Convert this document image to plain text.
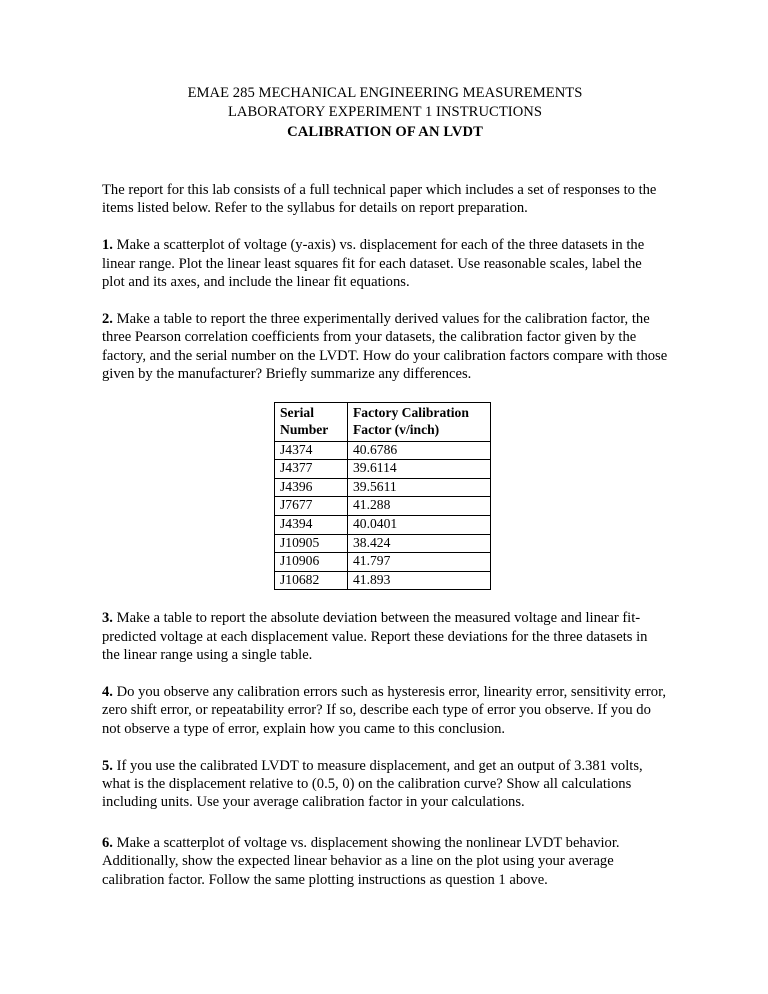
EMAE 285 MECHANICAL ENGINEERING MEASUREMENTS
LABORATORY EXPERIMENT 1 INSTRUCTIONS
CALIBRATION OF AN LVDT

The report for this lab consists of a full technical paper which includes a set of responses to the items listed below. Refer to the syllabus for details on report preparation.

1. Make a scatterplot of voltage (y-axis) vs. displacement for each of the three datasets in the linear range. Plot the linear least squares fit for each dataset. Use reasonable scales, label the plot and its axes, and include the linear fit equations.

2. Make a table to report the three experimentally derived values for the calibration factor, the three Pearson correlation coefficients from your datasets, the calibration factor given by the factory, and the serial number on the LVDT. How do your calibration factors compare with those given by the manufacturer? Briefly summarize any differences.

Serial Number	Factory Calibration Factor (v/inch)

J4374	40.6786
J4377	39.6114
J4396	39.5611
J7677	41.288
J4394	40.0401
J10905	38.424
J10906	41.797
J10682	41.893

3. Make a table to report the absolute deviation between the measured voltage and linear fit- predicted voltage at each displacement value. Report these deviations for the three datasets in the linear range using a single table.

4. Do you observe any calibration errors such as hysteresis error, linearity error, sensitivity error, zero shift error, or repeatability error? If so, describe each type of error you observe. If you do not observe a type of error, explain how you came to this conclusion.

5. If you use the calibrated LVDT to measure displacement, and get an output of 3.381 volts, what is the displacement relative to (0.5, 0) on the calibration curve? Show all calculations including units. Use your average calibration factor in your calculations.

6. Make a scatterplot of voltage vs. displacement showing the nonlinear LVDT behavior. Additionally, show the expected linear behavior as a line on the plot using your average calibration factor. Follow the same plotting instructions as question 1 above.
